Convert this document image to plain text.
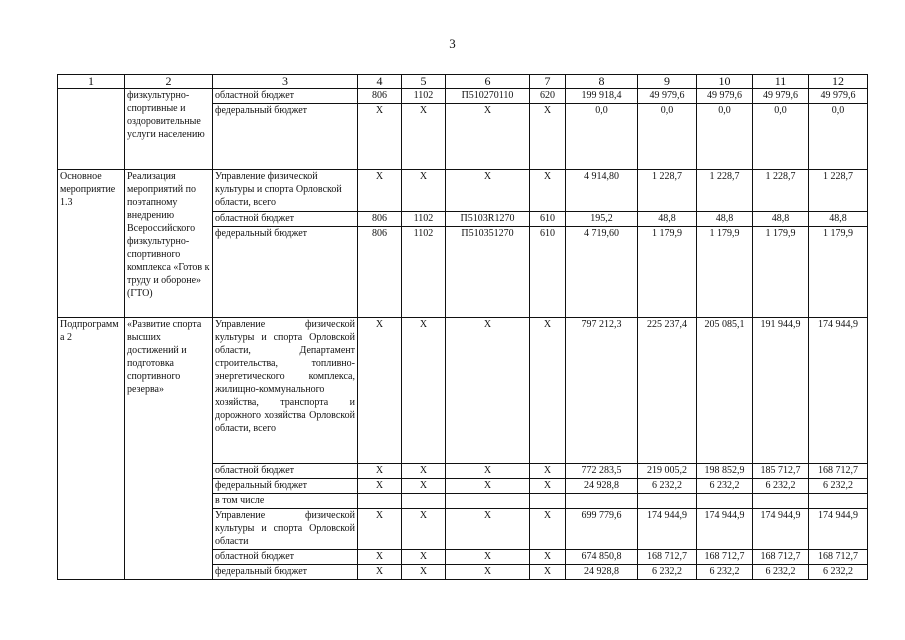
3
1	2	3	4	5	6	7	8	9	10	11	12
	физкультурно-спортивные и оздоровительные услуги населению	областной бюджет	806	1102	П510270110	620	199 918,4	49 979,6	49 979,6	49 979,6	49 979,6
		федеральный бюджет	X	X	X	X	0,0	0,0	0,0	0,0	0,0
Основное мероприятие 1.3	Реализация мероприятий по поэтапному внедрению Всероссийского физкультурно-спортивного комплекса «Готов к труду и обороне» (ГТО)	Управление физической культуры и спорта Орловской области, всего	X	X	X	X	4 914,80	1 228,7	1 228,7	1 228,7	1 228,7
		областной бюджет	806	1102	П5103R1270	610	195,2	48,8	48,8	48,8	48,8
		федеральный бюджет	806	1102	П510351270	610	4 719,60	1 179,9	1 179,9	1 179,9	1 179,9
Подпрограмма 2	«Развитие спорта высших достижений и подготовка спортивного резерва»	Управление физической культуры и спорта Орловской области, Департамент строительства, топливно-энергетического комплекса, жилищно-коммунального хозяйства, транспорта и дорожного хозяйства Орловской области, всего	X	X	X	X	797 212,3	225 237,4	205 085,1	191 944,9	174 944,9
		областной бюджет	X	X	X	X	772 283,5	219 005,2	198 852,9	185 712,7	168 712,7
		федеральный бюджет	X	X	X	X	24 928,8	6 232,2	6 232,2	6 232,2	6 232,2
		в том числе									
		Управление физической культуры и спорта Орловской области	X	X	X	X	699 779,6	174 944,9	174 944,9	174 944,9	174 944,9
		областной бюджет	X	X	X	X	674 850,8	168 712,7	168 712,7	168 712,7	168 712,7
		федеральный бюджет	X	X	X	X	24 928,8	6 232,2	6 232,2	6 232,2	6 232,2
